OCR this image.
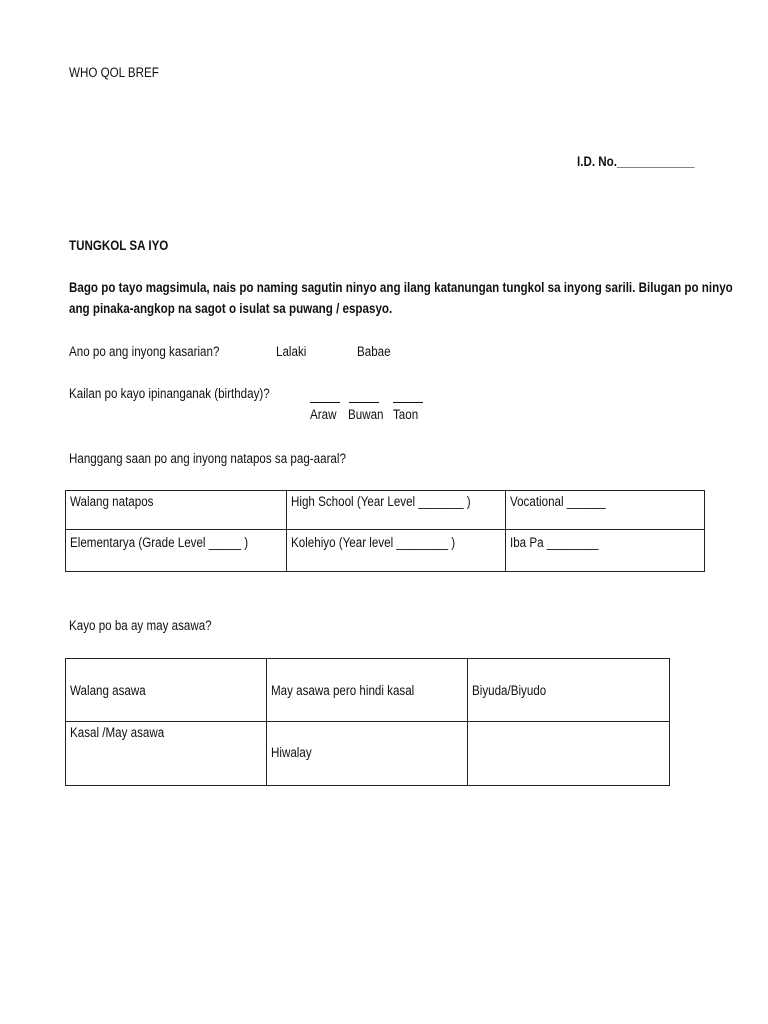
WHO QOL BREF
I.D. No.____________
TUNGKOL SA IYO
Bago po tayo magsimula, nais po naming sagutin ninyo ang ilang katanungan tungkol sa inyong sarili. Bilugan po ninyo
ang pinaka-angkop na sagot o isulat sa puwang / espasyo.
Ano po ang inyong kasarian?	Lalaki	Babae
Kailan po kayo ipinanganak (birthday)?
Araw Buwan Taon
Hanggang saan po ang inyong natapos sa pag-aaral?
Walang natapos	High School (Year Level _______ )	Vocational ______

Elementarya (Grade Level _____ )	Kolehiyo (Year level ________ )	Iba Pa ________
Kayo po ba ay may asawa?
Walang asawa	May asawa pero hindi kasal	Biyuda/Biyudo

Kasal /May asawa	Hiwalay	
